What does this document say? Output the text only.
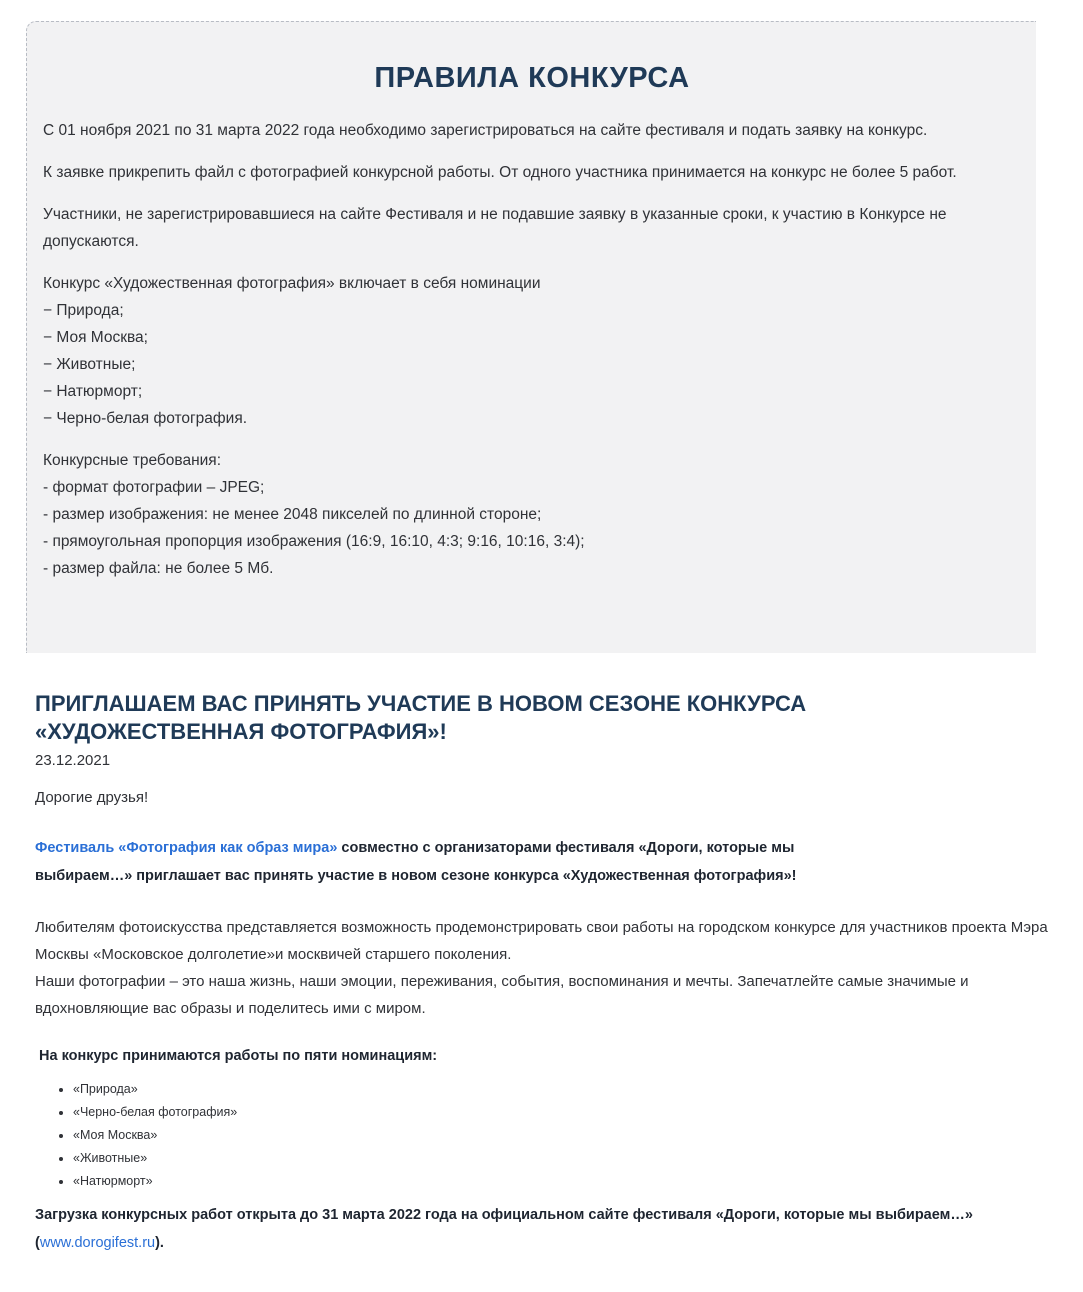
ПРАВИЛА КОНКУРСА

С 01 ноября 2021 по 31 марта 2022 года необходимо зарегистрироваться на сайте фестиваля и подать заявку на конкурс.

К заявке прикрепить файл с фотографией конкурсной работы. От одного участника принимается на конкурс не более 5 работ.

Участники, не зарегистрировавшиеся на сайте Фестиваля и не подавшие заявку в указанные сроки, к участию в Конкурсе не допускаются.

Конкурс «Художественная фотография» включает в себя номинации
− Природа;
− Моя Москва;
− Животные;
− Натюрморт;
− Черно-белая фотография.

Конкурсные требования:
- формат фотографии – JPEG;
- размер изображения: не менее 2048 пикселей по длинной стороне;
- прямоугольная пропорция изображения (16:9, 16:10, 4:3; 9:16, 10:16, 3:4);
- размер файла: не более 5 Мб.

ПРИГЛАШАЕМ ВАС ПРИНЯТЬ УЧАСТИЕ В НОВОМ СЕЗОНЕ КОНКУРСА «ХУДОЖЕСТВЕННАЯ ФОТОГРАФИЯ»!
23.12.2021
Дорогие друзья!
Фестиваль «Фотография как образ мира» совместно с организаторами фестиваля «Дороги, которые мы выбираем…» приглашает вас принять участие в новом сезоне конкурса «Художественная фотография»!
Любителям фотоискусства представляется возможность продемонстрировать свои работы на городском конкурсе для участников проекта Мэра Москвы «Московское долголетие»и москвичей старшего поколения.
Наши фотографии – это наша жизнь, наши эмоции, переживания, события, воспоминания и мечты. Запечатлейте самые значимые и вдохновляющие вас образы и поделитесь ими с миром.
На конкурс принимаются работы по пяти номинациям:
• «Природа»
• «Черно-белая фотография»
• «Моя Москва»
• «Животные»
• «Натюрморт»
Загрузка конкурсных работ открыта до 31 марта 2022 года на официальном сайте фестиваля «Дороги, которые мы выбираем…» (www.dorogifest.ru).
